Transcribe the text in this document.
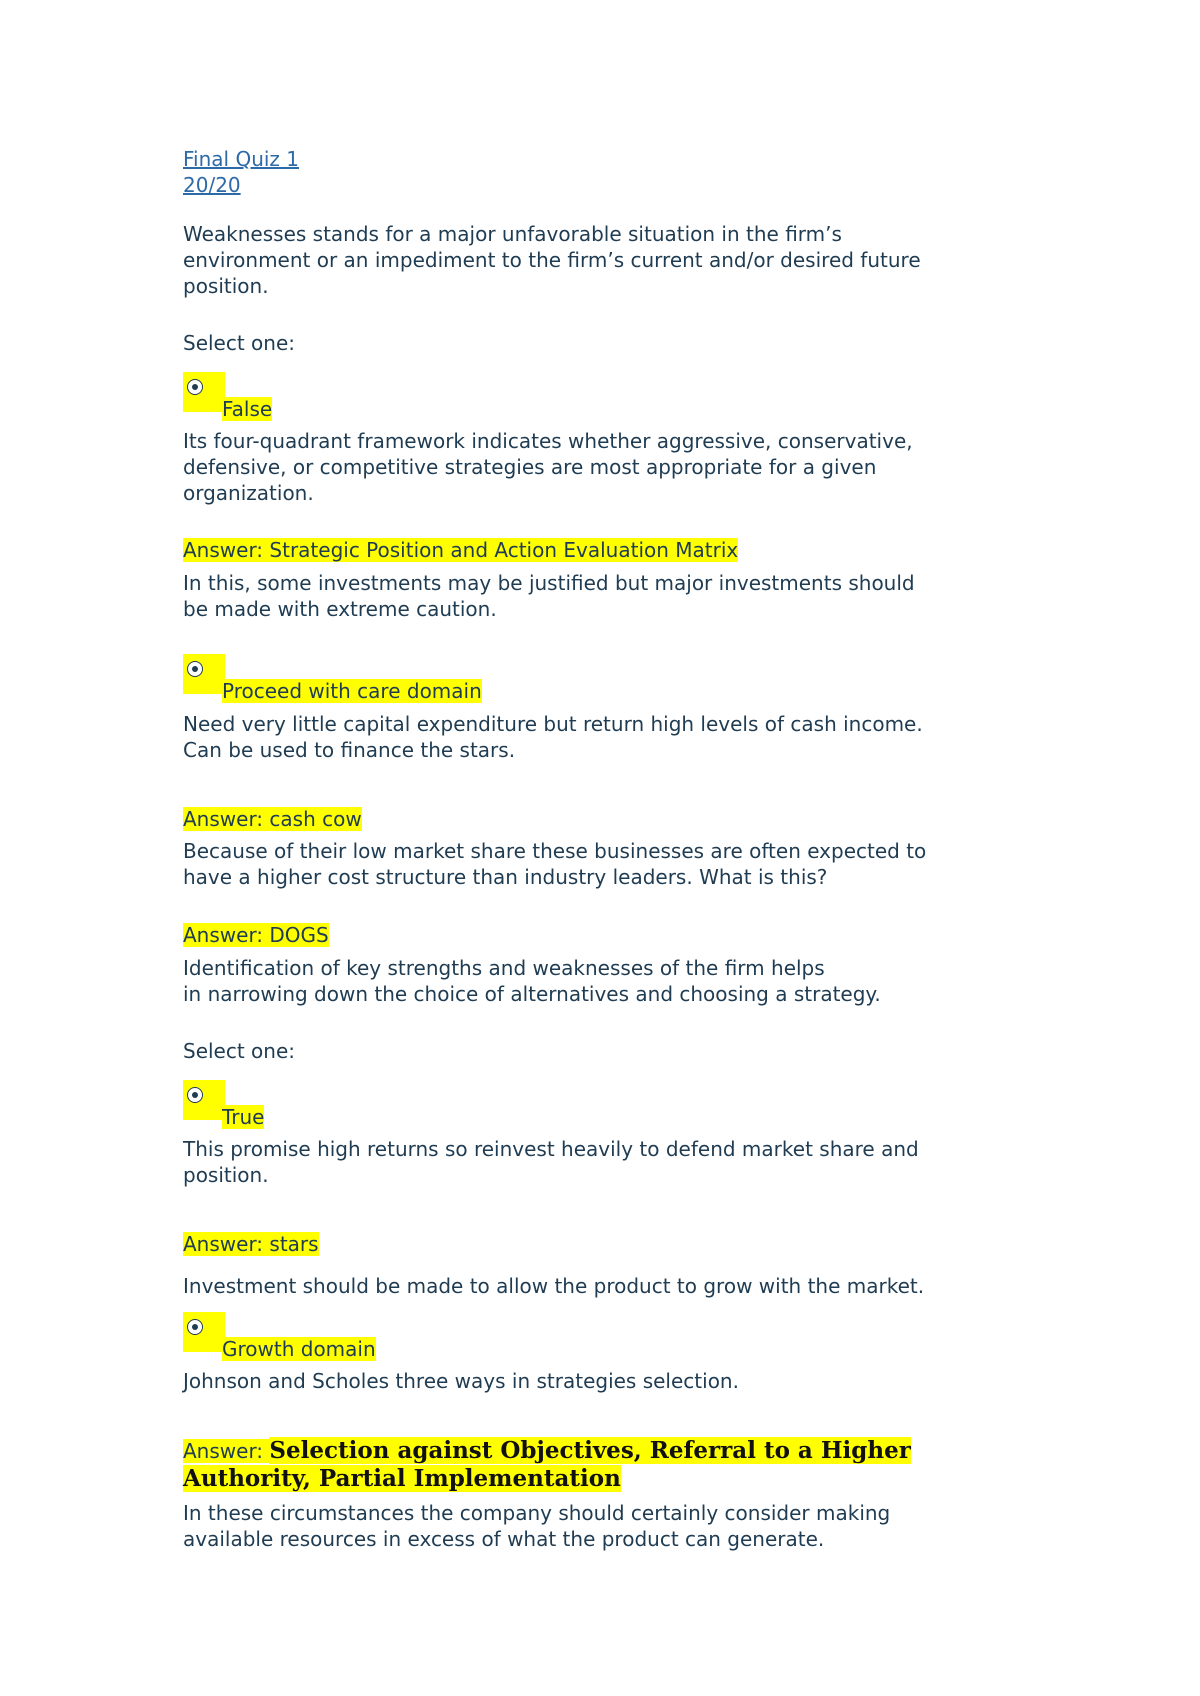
Final Quiz 1
20/20
Weaknesses stands for a major unfavorable situation in the firm’s
environment or an impediment to the firm’s current and/or desired future
position.
Select one:
False
Its four-quadrant framework indicates whether aggressive, conservative,
defensive, or competitive strategies are most appropriate for a given
organization.
Answer: Strategic Position and Action Evaluation Matrix
In this, some investments may be justified but major investments should
be made with extreme caution.
Proceed with care domain
Need very little capital expenditure but return high levels of cash income.
Can be used to finance the stars.
Answer: cash cow
Because of their low market share these businesses are often expected to
have a higher cost structure than industry leaders. What is this?
Answer: DOGS
Identification of key strengths and weaknesses of the firm helps
in narrowing down the choice of alternatives and choosing a strategy.
Select one:
True
This promise high returns so reinvest heavily to defend market share and
position.
Answer: stars
Investment should be made to allow the product to grow with the market.
Growth domain
Johnson and Scholes three ways in strategies selection.
Answer: Selection against Objectives, Referral to a Higher
Authority, Partial Implementation
In these circumstances the company should certainly consider making
available resources in excess of what the product can generate.
